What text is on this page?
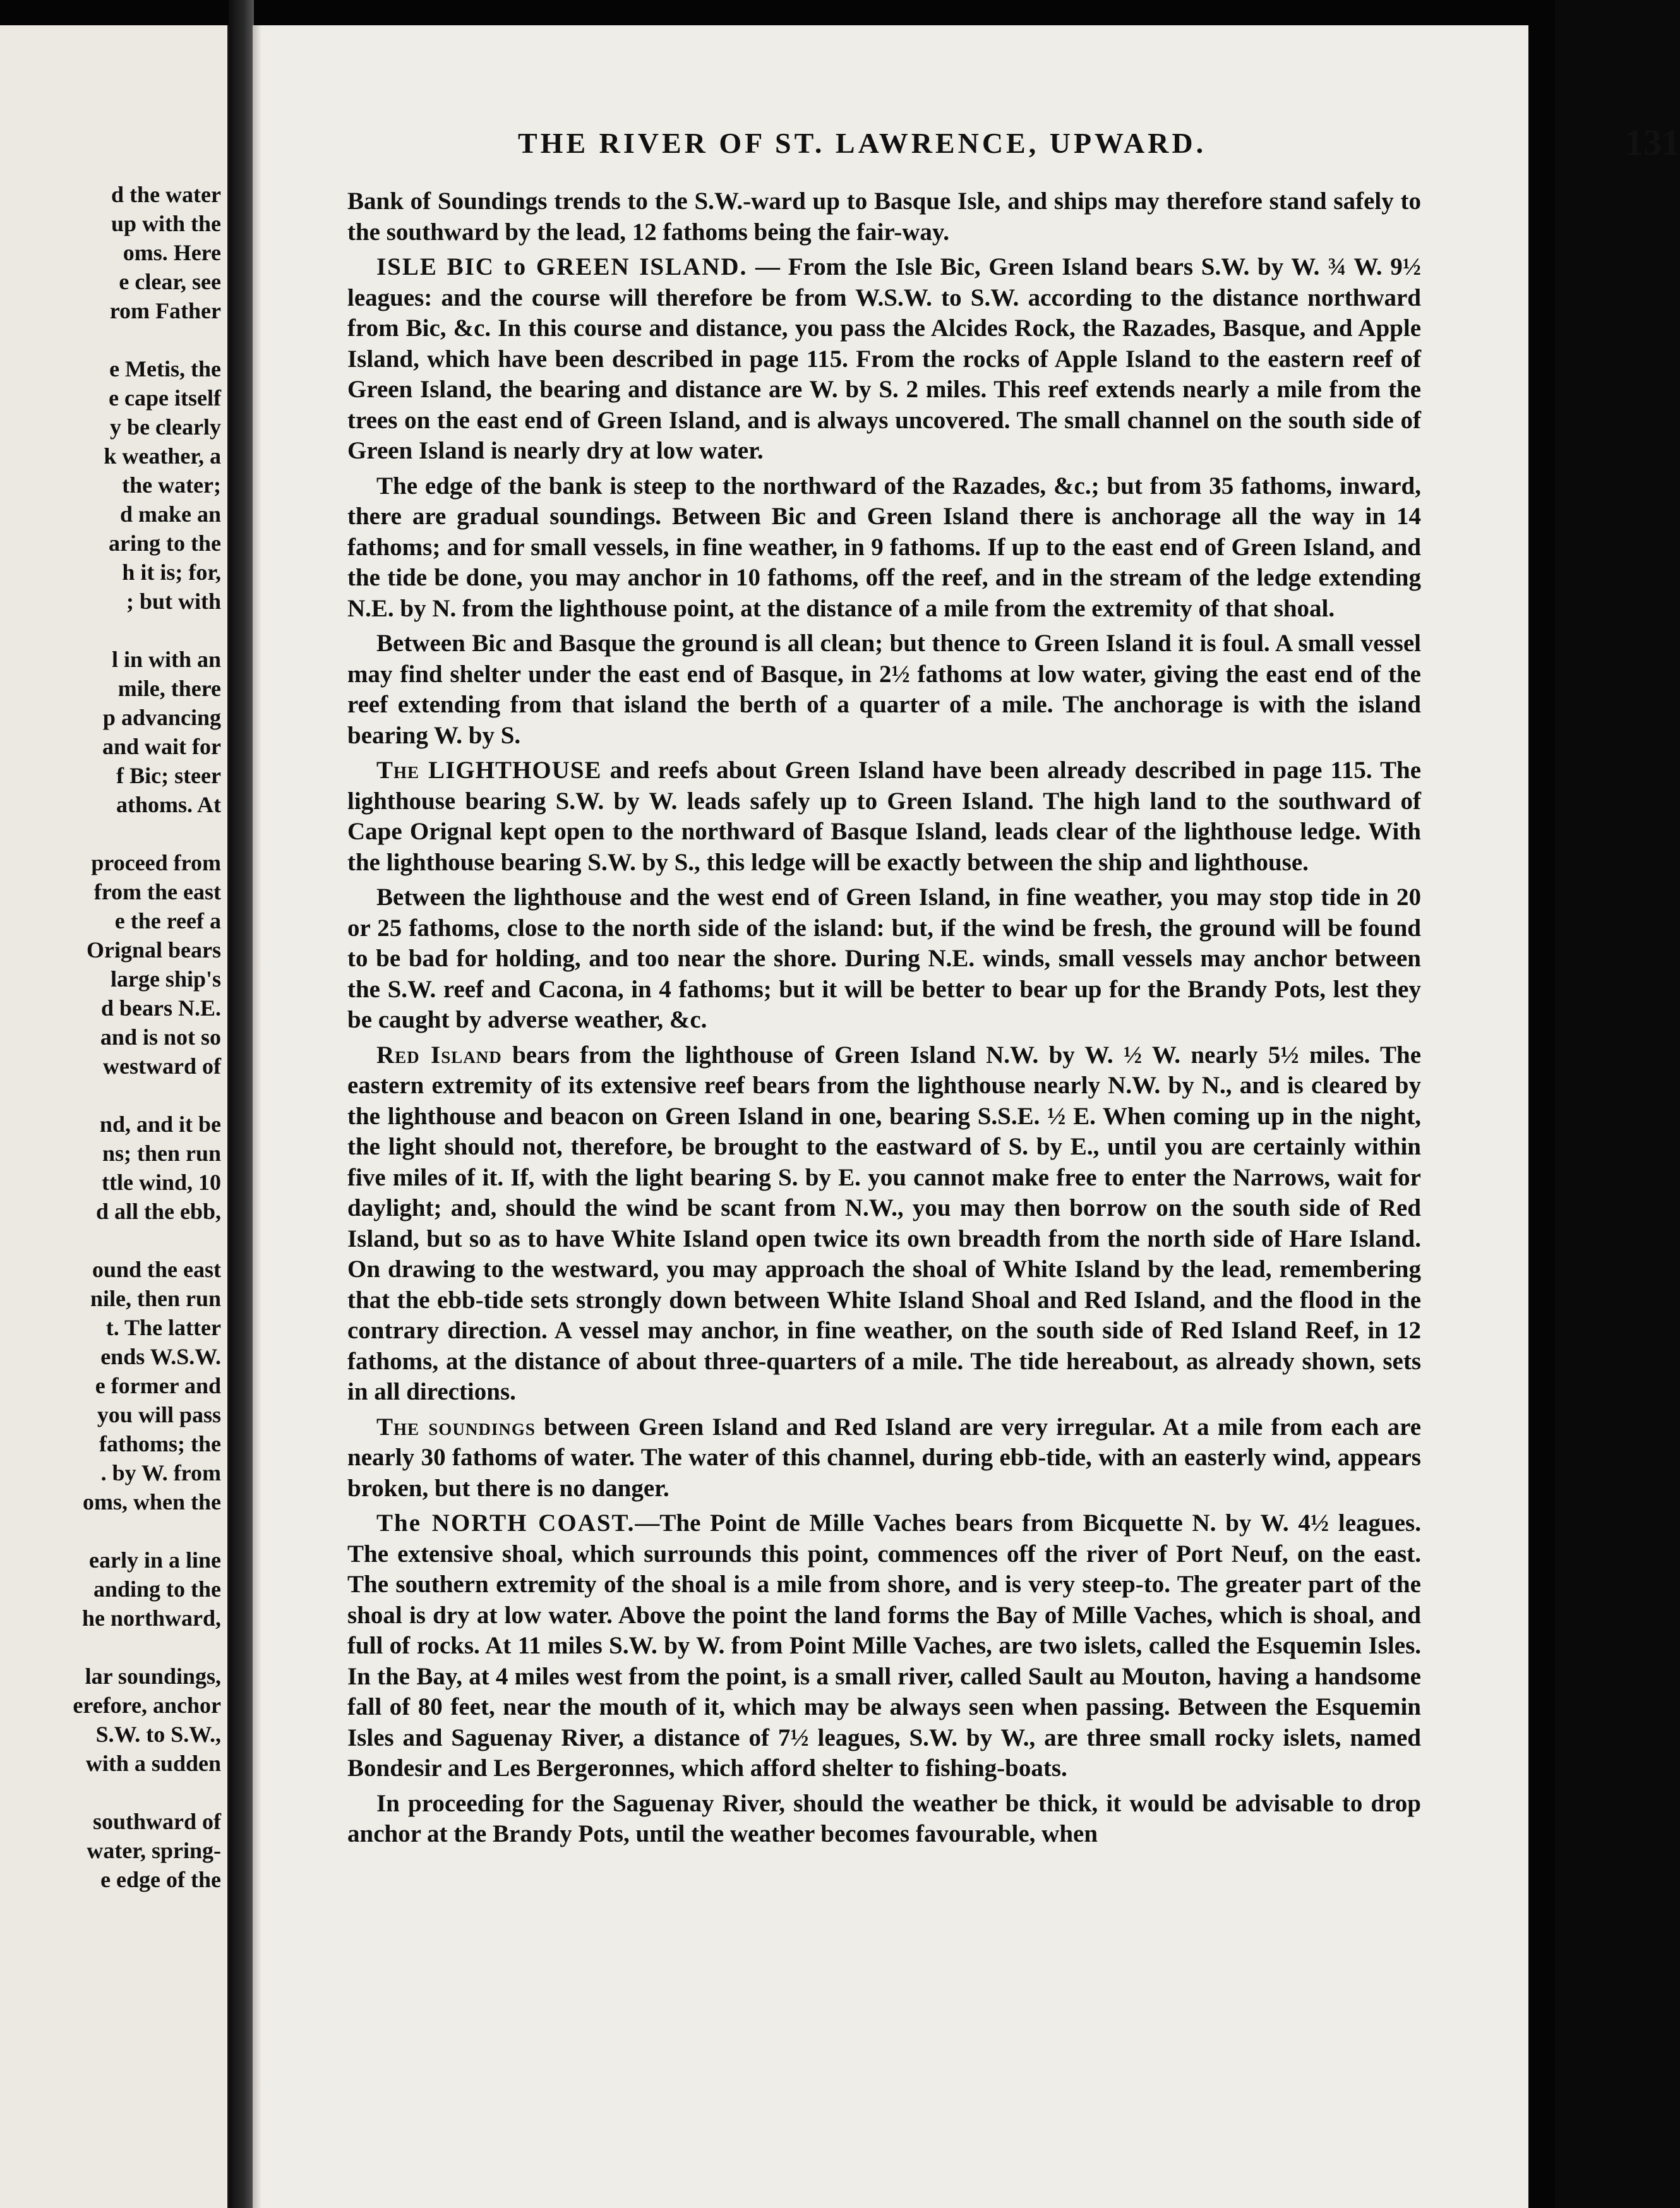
d the water
up with the
oms. Here
e clear, see
rom Father
e Metis, the
e cape itself
y be clearly
k weather, a
the water;
d make an
aring to the
h it is; for,
; but with
l in with an
mile, there
p advancing
and wait for
f Bic; steer
athoms. At
proceed from
from the east
e the reef a
Orignal bears
large ship's
d bears N.E.
and is not so
westward of
nd, and it be
ns; then run
ttle wind, 10
d all the ebb,
ound the east
nile, then run
t. The latter
ends W.S.W.
e former and
you will pass
fathoms; the
. by W. from
oms, when the
early in a line
anding to the
he northward,
lar soundings,
erefore, anchor
S.W. to S.W.,
with a sudden
southward of
water, spring-
e edge of the
THE RIVER OF ST. LAWRENCE, UPWARD.	131

Bank of Soundings trends to the S.W.-ward up to Basque Isle, and ships may therefore stand safely to the southward by the lead, 12 fathoms being the fair-way.

ISLE BIC to GREEN ISLAND. — From the Isle Bic, Green Island bears S.W. by W. ¾ W. 9½ leagues: and the course will therefore be from W.S.W. to S.W. according to the distance northward from Bic, &c. In this course and distance, you pass the Alcides Rock, the Razades, Basque, and Apple Island, which have been described in page 115. From the rocks of Apple Island to the eastern reef of Green Island, the bearing and distance are W. by S. 2 miles. This reef extends nearly a mile from the trees on the east end of Green Island, and is always uncovered. The small channel on the south side of Green Island is nearly dry at low water.

The edge of the bank is steep to the northward of the Razades, &c.; but from 35 fathoms, inward, there are gradual soundings. Between Bic and Green Island there is anchorage all the way in 14 fathoms; and for small vessels, in fine weather, in 9 fathoms. If up to the east end of Green Island, and the tide be done, you may anchor in 10 fathoms, off the reef, and in the stream of the ledge extending N.E. by N. from the lighthouse point, at the distance of a mile from the extremity of that shoal.

Between Bic and Basque the ground is all clean; but thence to Green Island it is foul. A small vessel may find shelter under the east end of Basque, in 2½ fathoms at low water, giving the east end of the reef extending from that island the berth of a quarter of a mile. The anchorage is with the island bearing W. by S.

The LIGHTHOUSE and reefs about Green Island have been already described in page 115. The lighthouse bearing S.W. by W. leads safely up to Green Island. The high land to the southward of Cape Orignal kept open to the northward of Basque Island, leads clear of the lighthouse ledge. With the lighthouse bearing S.W. by S., this ledge will be exactly between the ship and lighthouse.

Between the lighthouse and the west end of Green Island, in fine weather, you may stop tide in 20 or 25 fathoms, close to the north side of the island: but, if the wind be fresh, the ground will be found to be bad for holding, and too near the shore. During N.E. winds, small vessels may anchor between the S.W. reef and Cacona, in 4 fathoms; but it will be better to bear up for the Brandy Pots, lest they be caught by adverse weather, &c.

Red Island bears from the lighthouse of Green Island N.W. by W. ½ W. nearly 5½ miles. The eastern extremity of its extensive reef bears from the lighthouse nearly N.W. by N., and is cleared by the lighthouse and beacon on Green Island in one, bearing S.S.E. ½ E. When coming up in the night, the light should not, therefore, be brought to the eastward of S. by E., until you are certainly within five miles of it. If, with the light bearing S. by E. you cannot make free to enter the Narrows, wait for daylight; and, should the wind be scant from N.W., you may then borrow on the south side of Red Island, but so as to have White Island open twice its own breadth from the north side of Hare Island. On drawing to the westward, you may approach the shoal of White Island by the lead, remembering that the ebb-tide sets strongly down between White Island Shoal and Red Island, and the flood in the contrary direction. A vessel may anchor, in fine weather, on the south side of Red Island Reef, in 12 fathoms, at the distance of about three-quarters of a mile. The tide hereabout, as already shown, sets in all directions.

The soundings between Green Island and Red Island are very irregular. At a mile from each are nearly 30 fathoms of water. The water of this channel, during ebb-tide, with an easterly wind, appears broken, but there is no danger.

The NORTH COAST.—The Point de Mille Vaches bears from Bicquette N. by W. 4½ leagues. The extensive shoal, which surrounds this point, commences off the river of Port Neuf, on the east. The southern extremity of the shoal is a mile from shore, and is very steep-to. The greater part of the shoal is dry at low water. Above the point the land forms the Bay of Mille Vaches, which is shoal, and full of rocks. At 11 miles S.W. by W. from Point Mille Vaches, are two islets, called the Esquemin Isles. In the Bay, at 4 miles west from the point, is a small river, called Sault au Mouton, having a handsome fall of 80 feet, near the mouth of it, which may be always seen when passing. Between the Esquemin Isles and Saguenay River, a distance of 7½ leagues, S.W. by W., are three small rocky islets, named Bondesir and Les Bergeronnes, which afford shelter to fishing-boats.

In proceeding for the Saguenay River, should the weather be thick, it would be advisable to drop anchor at the Brandy Pots, until the weather becomes favourable, when
